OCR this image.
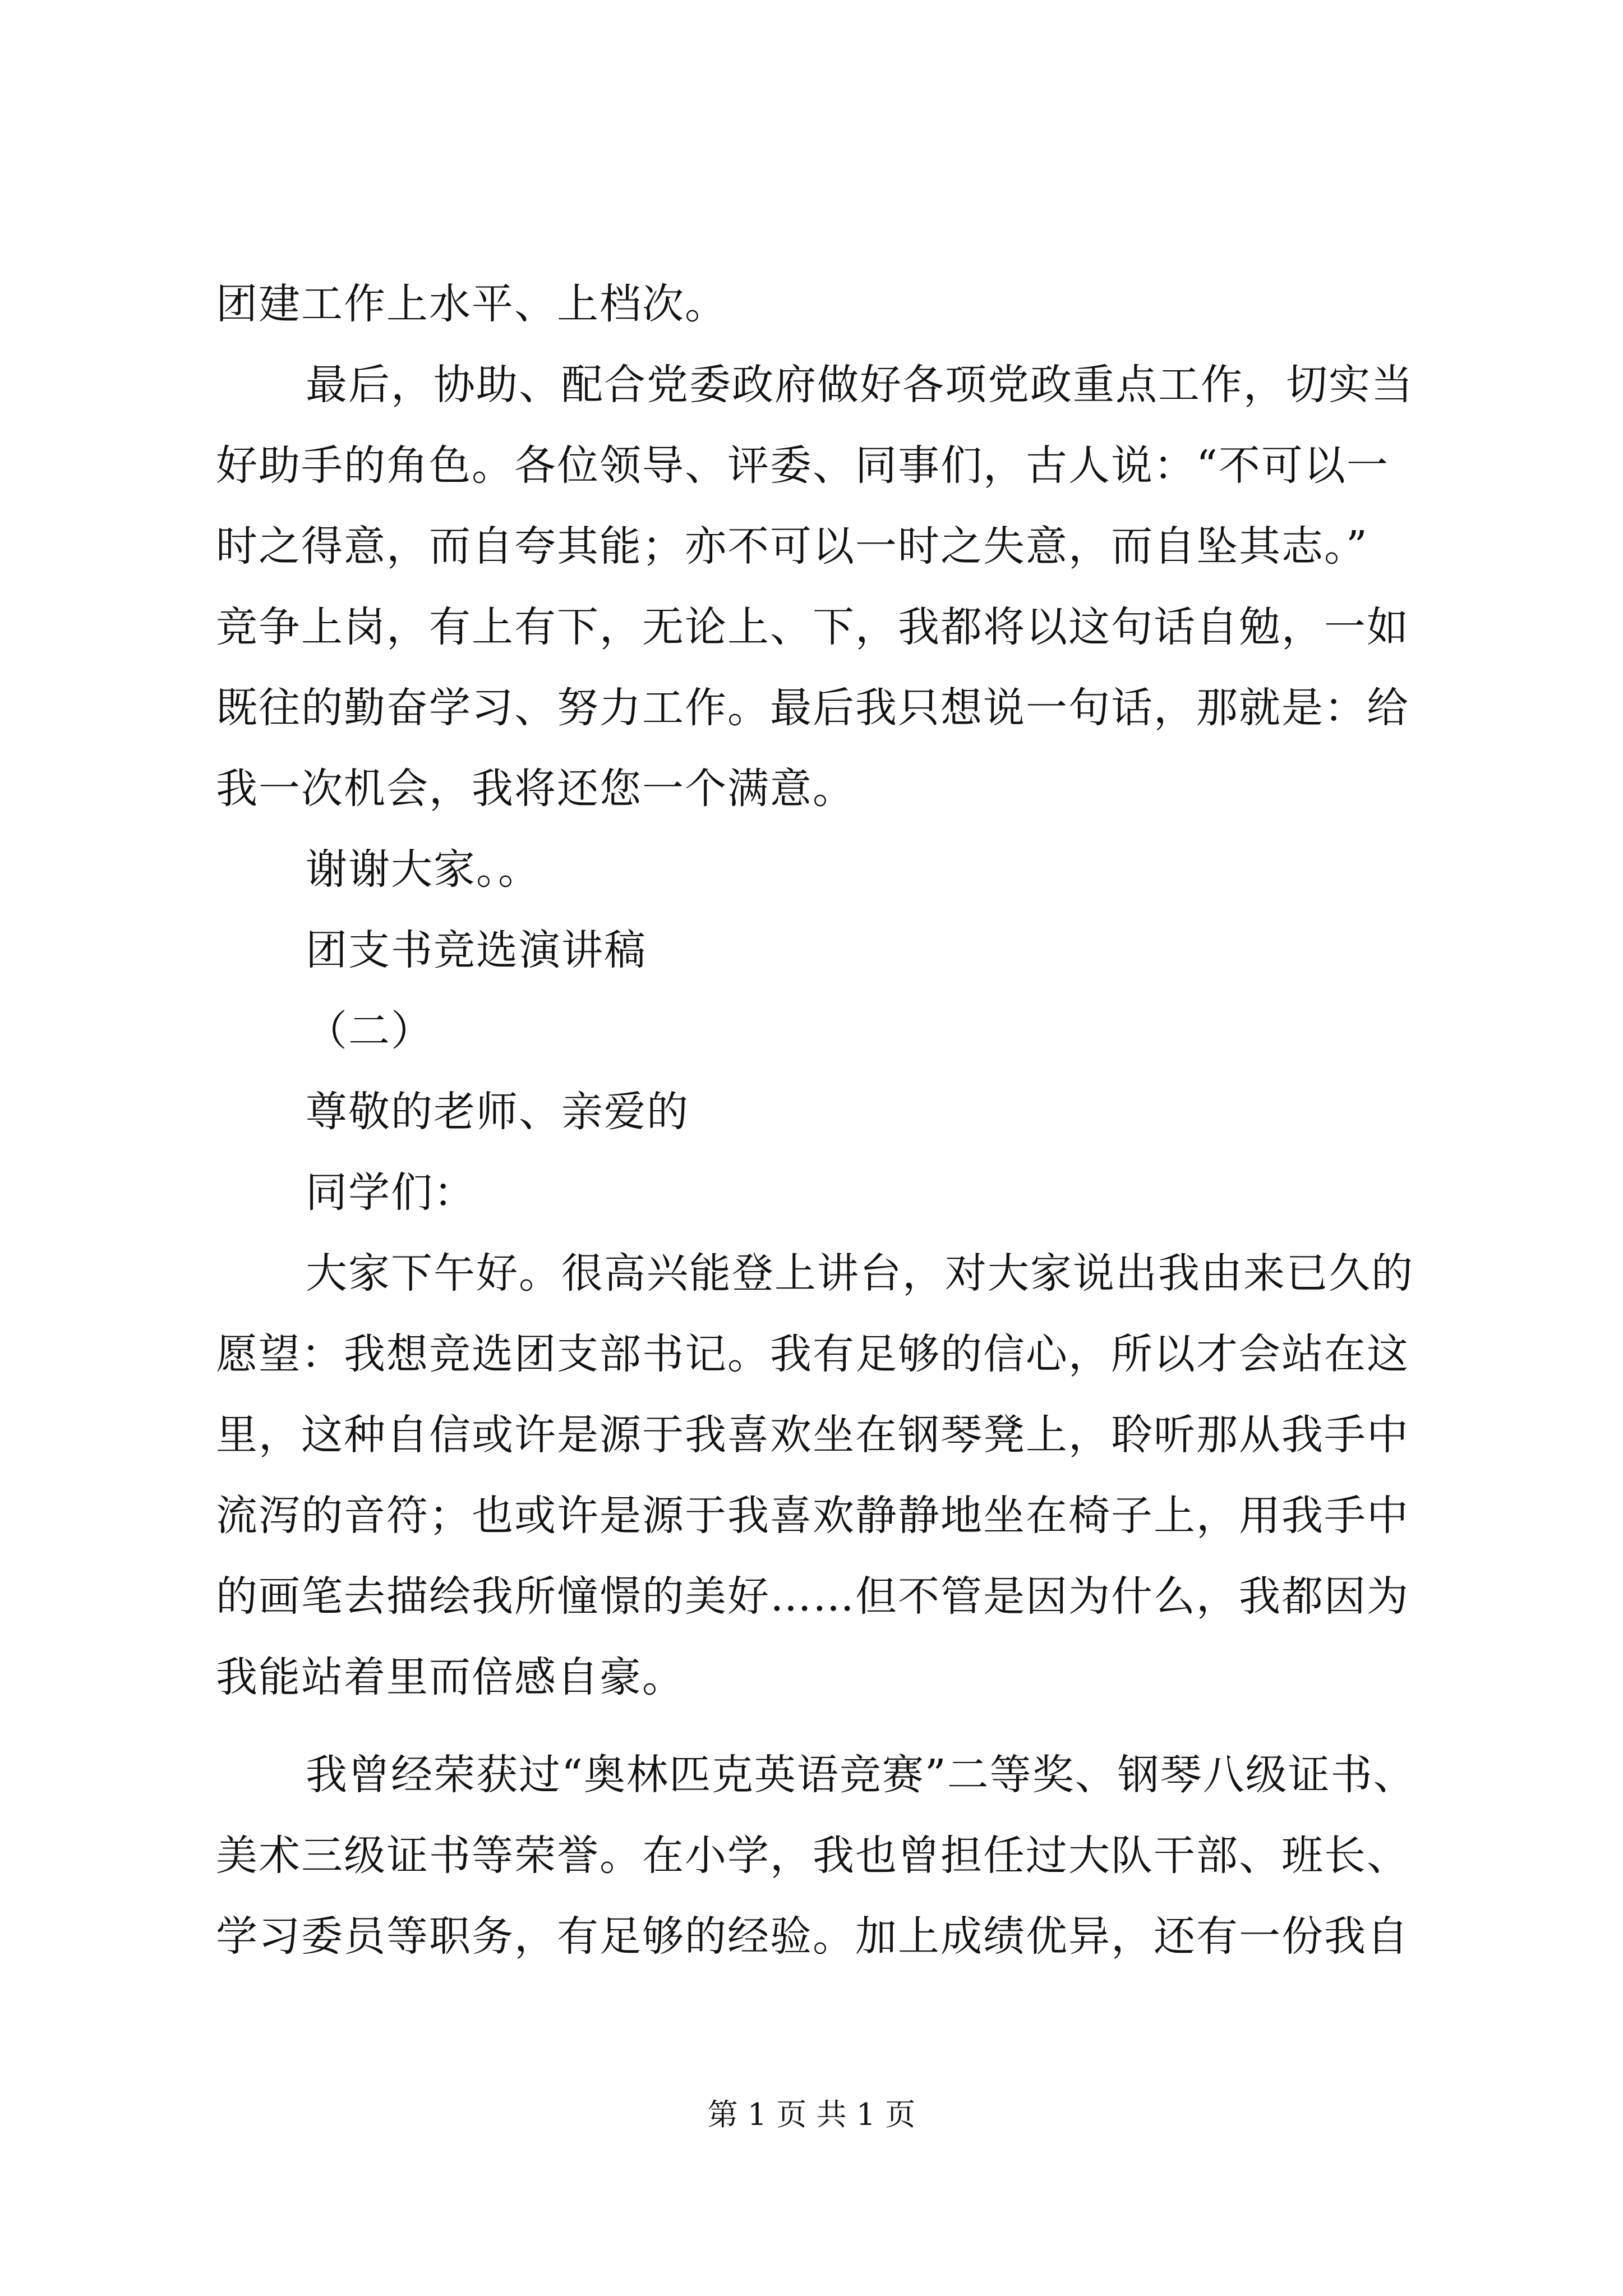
团建工作上水平、上档次。
最后，协助、配合党委政府做好各项党政重点工作，切实当
好助手的角色。各位领导、评委、同事们，古人说：“不可以一
时之得意，而自夸其能；亦不可以一时之失意，而自坠其志。”
竞争上岗，有上有下，无论上、下，我都将以这句话自勉，一如
既往的勤奋学习、努力工作。最后我只想说一句话，那就是：给
我一次机会，我将还您一个满意。
谢谢大家。。
团支书竞选演讲稿
（二）
尊敬的老师、亲爱的
同学们：
大家下午好。很高兴能登上讲台，对大家说出我由来已久的
愿望：我想竞选团支部书记。我有足够的信心，所以才会站在这
里，这种自信或许是源于我喜欢坐在钢琴凳上，聆听那从我手中
流泻的音符；也或许是源于我喜欢静静地坐在椅子上，用我手中
的画笔去描绘我所憧憬的美好……但不管是因为什么，我都因为
我能站着里而倍感自豪。
我曾经荣获过“奥林匹克英语竞赛”二等奖、钢琴八级证书、
美术三级证书等荣誉。在小学，我也曾担任过大队干部、班长、
学习委员等职务，有足够的经验。加上成绩优异，还有一份我自
第 1 页 共 1 页
